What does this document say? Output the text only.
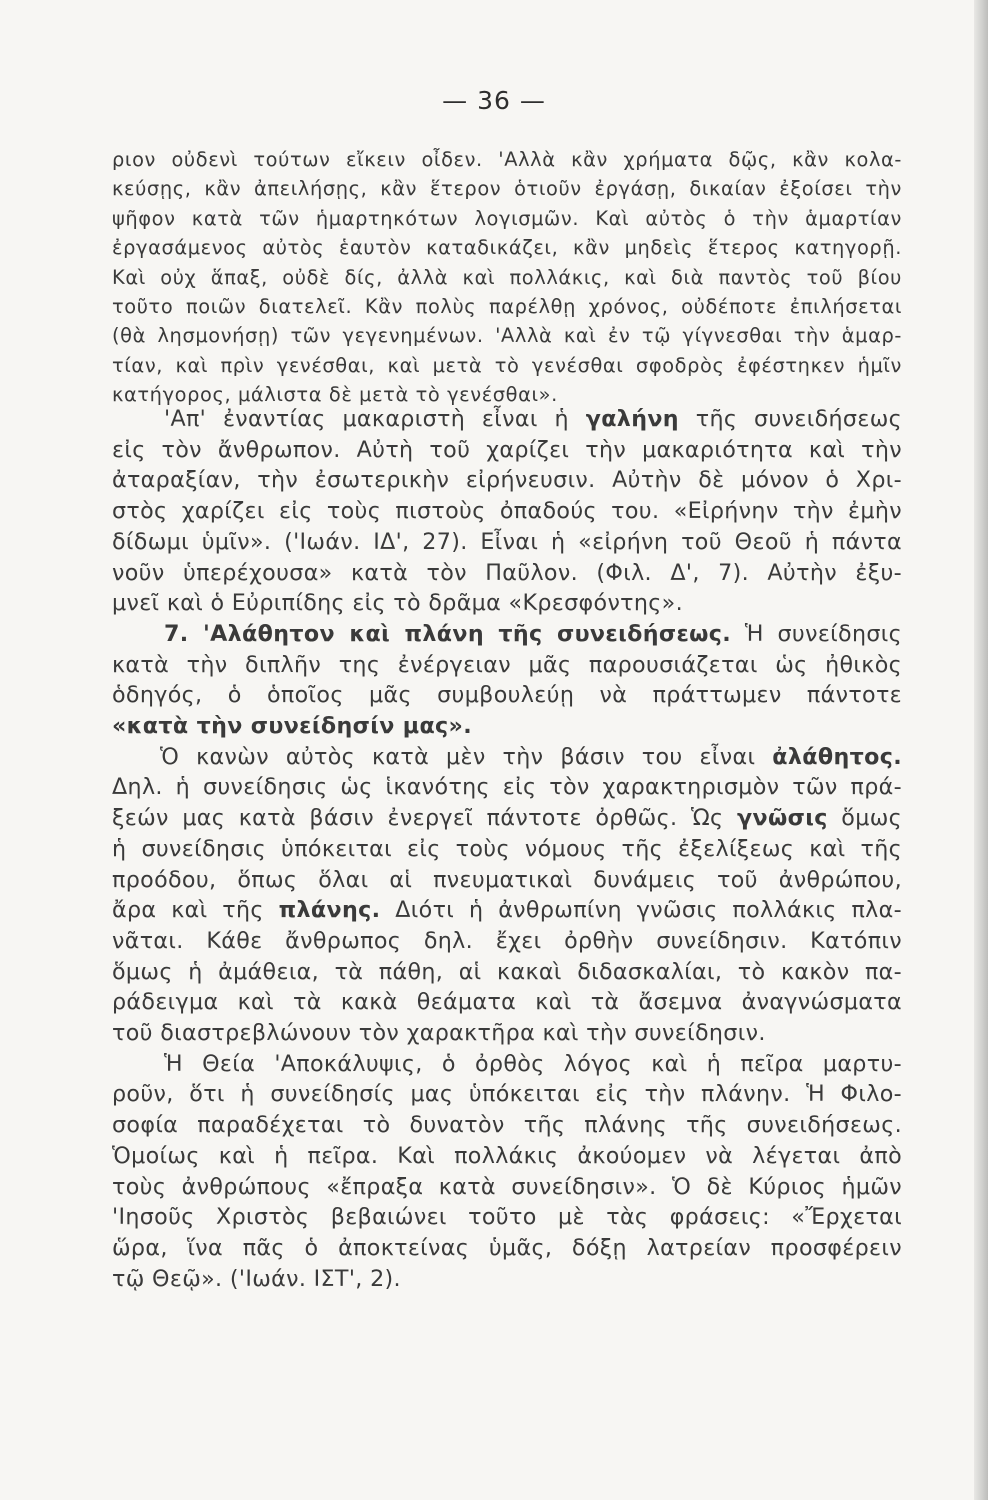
— 36 —
ριον οὐδενὶ τούτων εἴκειν οἶδεν. 'Αλλὰ κἂν χρήματα δῷς, κἂν κολα-
κεύσῃς, κἂν ἀπειλήσῃς, κἂν ἕτερον ὁτιοῦν ἐργάσῃ, δικαίαν ἐξοίσει τὴν
ψῆφον κατὰ τῶν ἡμαρτηκότων λογισμῶν. Καὶ αὐτὸς ὁ τὴν ἁμαρτίαν
ἐργασάμενος αὐτὸς ἑαυτὸν καταδικάζει, κἂν μηδεὶς ἕτερος κατηγορῇ.
Καὶ οὐχ ἅπαξ, οὐδὲ δίς, ἀλλὰ καὶ πολλάκις, καὶ διὰ παντὸς τοῦ βίου
τοῦτο ποιῶν διατελεῖ. Κἂν πολὺς παρέλθῃ χρόνος, οὐδέποτε ἐπιλήσεται
(θὰ λησμονήσῃ) τῶν γεγενημένων. 'Αλλὰ καὶ ἐν τῷ γίγνεσθαι τὴν ἁμαρ-
τίαν, καὶ πρὶν γενέσθαι, καὶ μετὰ τὸ γενέσθαι σφοδρὸς ἐφέστηκεν ἡμῖν
κατήγορος, μάλιστα δὲ μετὰ τὸ γενέσθαι».
'Απ' ἐναντίας μακαριστὴ εἶναι ἡ γαλήνη τῆς συνειδήσεως
εἰς τὸν ἄνθρωπον. Αὐτὴ τοῦ χαρίζει τὴν μακαριότητα καὶ τὴν
ἀταραξίαν, τὴν ἐσωτερικὴν εἰρήνευσιν. Αὐτὴν δὲ μόνον ὁ Χρι-
στὸς χαρίζει εἰς τοὺς πιστοὺς ὀπαδούς του. «Εἰρήνην τὴν ἐμὴν
δίδωμι ὑμῖν». ('Ιωάν. ΙΔ', 27). Εἶναι ἡ «εἰρήνη τοῦ Θεοῦ ἡ πάντα
νοῦν ὑπερέχουσα» κατὰ τὸν Παῦλον. (Φιλ. Δ', 7). Αὐτὴν ἐξυ-
μνεῖ καὶ ὁ Εὐριπίδης εἰς τὸ δρᾶμα «Κρεσφόντης».
7. 'Αλάθητον καὶ πλάνη τῆς συνειδήσεως. Ἡ συνείδησις
κατὰ τὴν διπλῆν της ἐνέργειαν μᾶς παρουσιάζεται ὡς ἠθικὸς
ὁδηγός, ὁ ὁποῖος μᾶς συμβουλεύῃ νὰ πράττωμεν πάντοτε
«κατὰ τὴν συνείδησίν μας».
Ὁ κανὼν αὐτὸς κατὰ μὲν τὴν βάσιν του εἶναι ἀλάθητος.
Δηλ. ἡ συνείδησις ὡς ἱκανότης εἰς τὸν χαρακτηρισμὸν τῶν πρά-
ξεών μας κατὰ βάσιν ἐνεργεῖ πάντοτε ὀρθῶς. Ὡς γνῶσις ὅμως
ἡ συνείδησις ὑπόκειται εἰς τοὺς νόμους τῆς ἐξελίξεως καὶ τῆς
προόδου, ὅπως ὅλαι αἱ πνευματικαὶ δυνάμεις τοῦ ἀνθρώπου,
ἄρα καὶ τῆς πλάνης. Διότι ἡ ἀνθρωπίνη γνῶσις πολλάκις πλα-
νᾶται. Κάθε ἄνθρωπος δηλ. ἔχει ὀρθὴν συνείδησιν. Κατόπιν
ὅμως ἡ ἀμάθεια, τὰ πάθη, αἱ κακαὶ διδασκαλίαι, τὸ κακὸν πα-
ράδειγμα καὶ τὰ κακὰ θεάματα καὶ τὰ ἄσεμνα ἀναγνώσματα
τοῦ διαστρεβλώνουν τὸν χαρακτῆρα καὶ τὴν συνείδησιν.
Ἡ Θεία 'Αποκάλυψις, ὁ ὀρθὸς λόγος καὶ ἡ πεῖρα μαρτυ-
ροῦν, ὅτι ἡ συνείδησίς μας ὑπόκειται εἰς τὴν πλάνην. Ἡ Φιλο-
σοφία παραδέχεται τὸ δυνατὸν τῆς πλάνης τῆς συνειδήσεως.
Ὁμοίως καὶ ἡ πεῖρα. Καὶ πολλάκις ἀκούομεν νὰ λέγεται ἀπὸ
τοὺς ἀνθρώπους «ἔπραξα κατὰ συνείδησιν». Ὁ δὲ Κύριος ἡμῶν
'Ιησοῦς Χριστὸς βεβαιώνει τοῦτο μὲ τὰς φράσεις: «Ἔρχεται
ὥρα, ἵνα πᾶς ὁ ἀποκτείνας ὑμᾶς, δόξῃ λατρείαν προσφέρειν
τῷ Θεῷ». ('Ιωάν. ΙΣΤ', 2).
